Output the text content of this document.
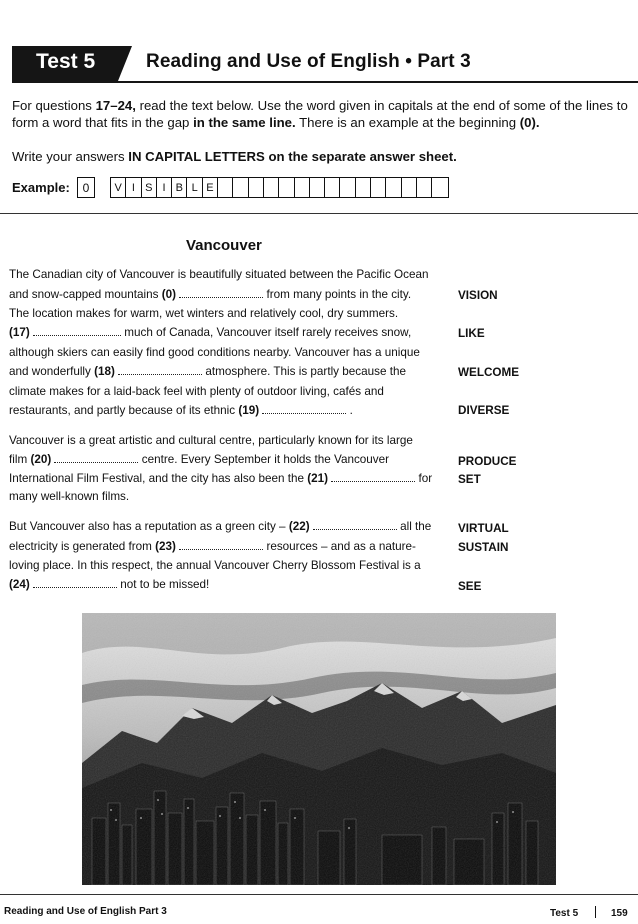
Test 5	Reading and Use of English • Part 3
For questions 17–24, read the text below. Use the word given in capitals at the end of some of the lines to
form a word that fits in the gap in the same line. There is an example at the beginning (0).
Write your answers IN CAPITAL LETTERS on the separate answer sheet.
Example:	0	V I S I B L E
Vancouver
The Canadian city of Vancouver is beautifully situated between the Pacific Ocean
and snow-capped mountains (0)	from many points in the city.
The location makes for warm, wet winters and relatively cool, dry summers.
(17)	much of Canada, Vancouver itself rarely receives snow,
although skiers can easily find good conditions nearby. Vancouver has a unique
and wonderfully (18)	atmosphere. This is partly because the
climate makes for a laid-back feel with plenty of outdoor living, cafés and
restaurants, and partly because of its ethnic (19)	.
Vancouver is a great artistic and cultural centre, particularly known for its large
film (20)	centre. Every September it holds the Vancouver
International Film Festival, and the city has also been the (21)	for
many well-known films.
But Vancouver also has a reputation as a green city – (22)	all the
electricity is generated from (23)	resources – and as a nature-
loving place. In this respect, the annual Vancouver Cherry Blossom Festival is a
(24)	not to be missed!
VISION
LIKE
WELCOME
DIVERSE
PRODUCE
SET
VIRTUAL
SUSTAIN
SEE
Reading and Use of English Part 3	Test 5	159
